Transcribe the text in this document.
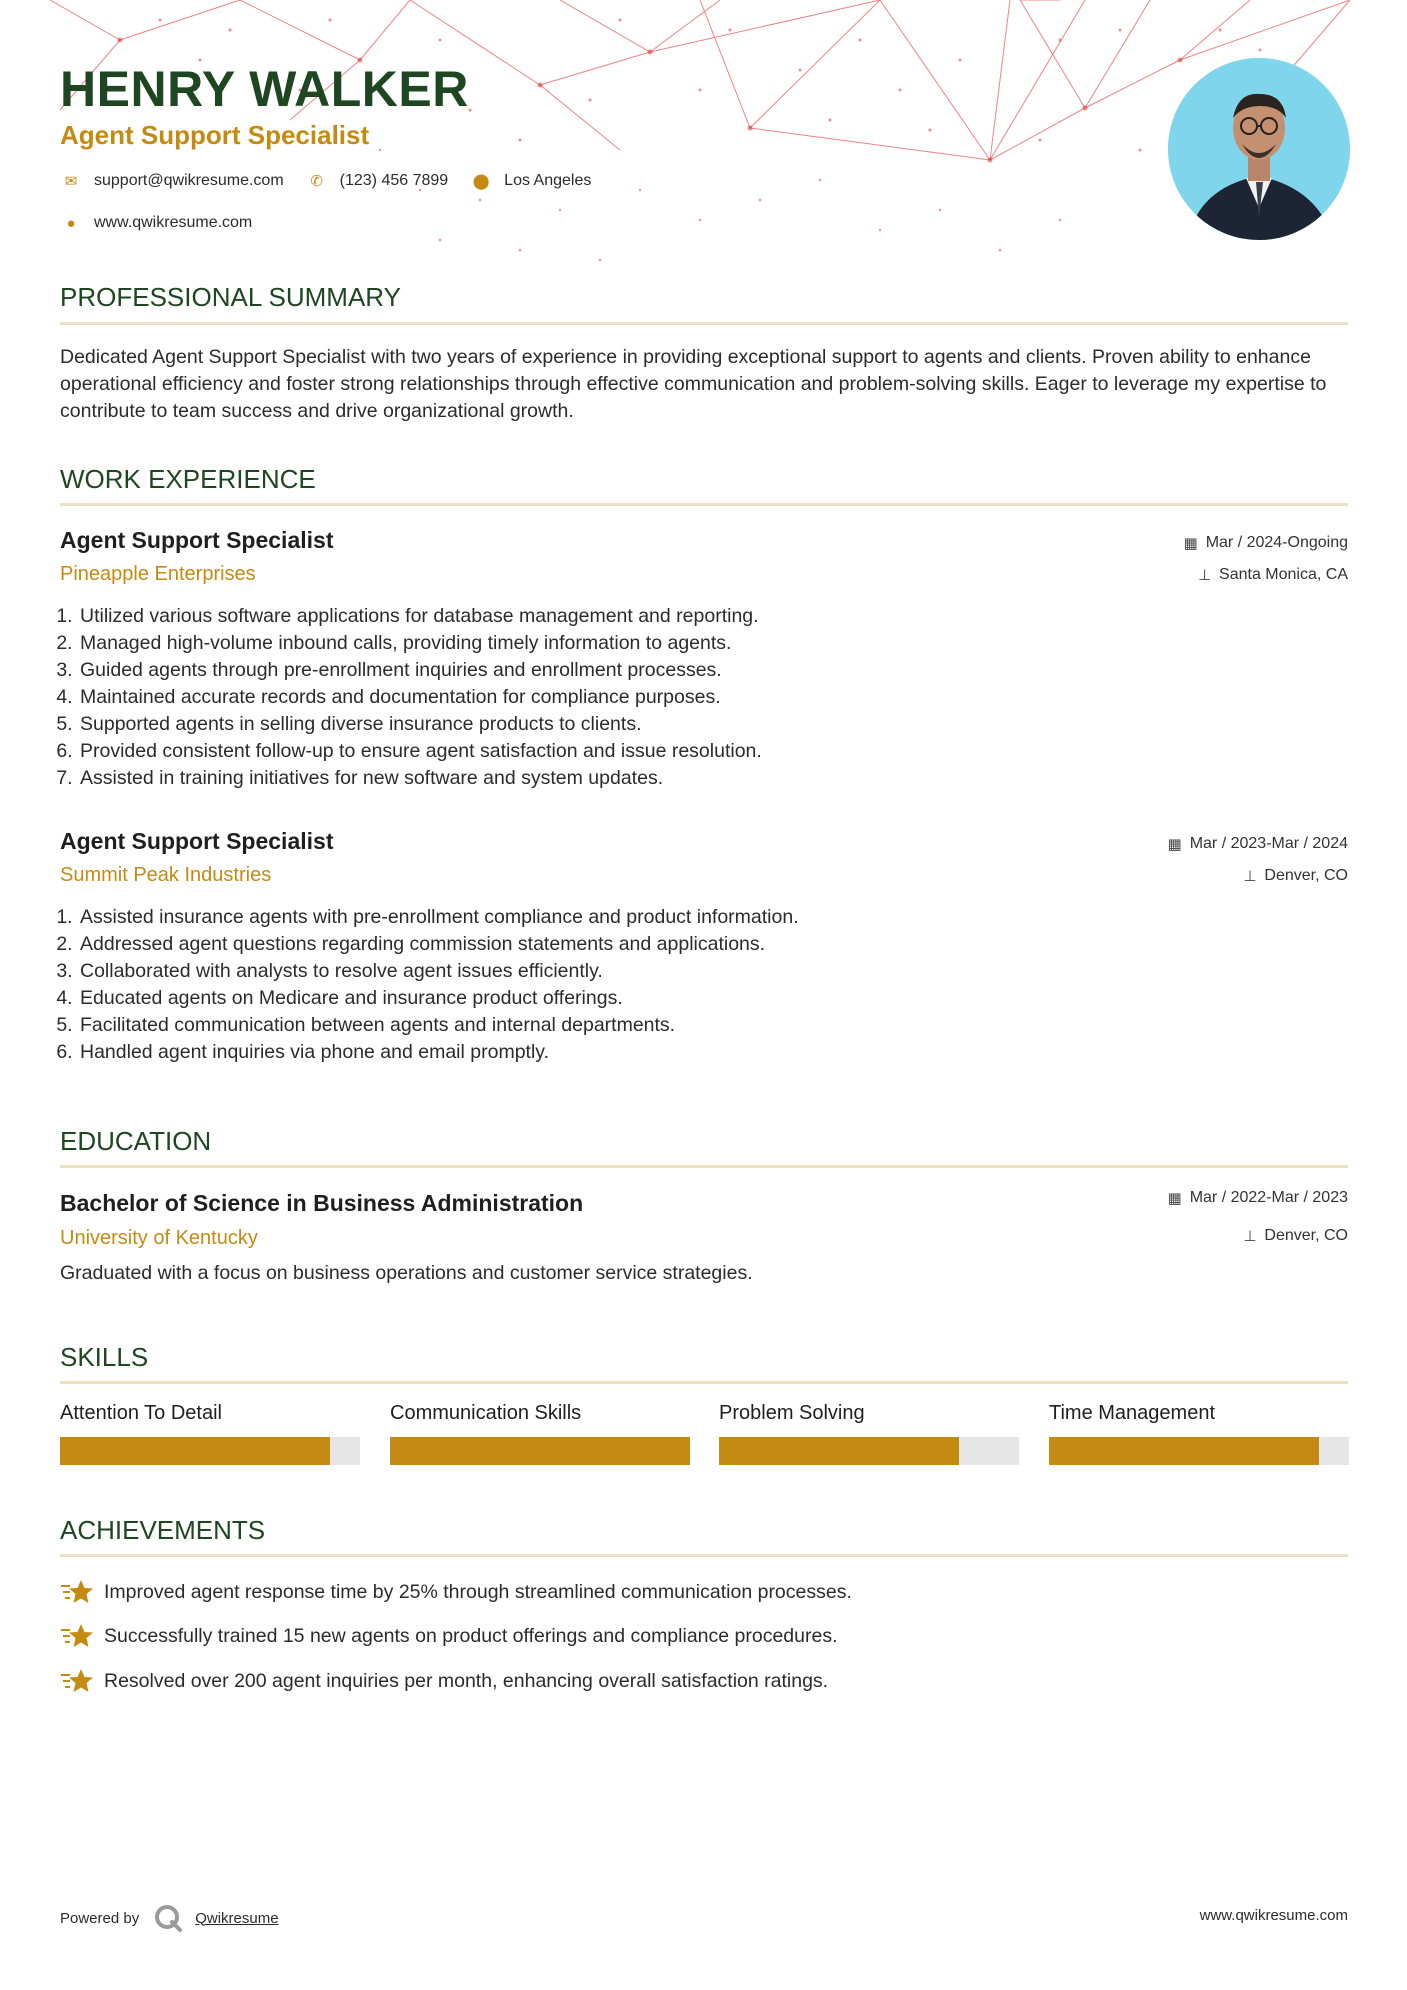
HENRY WALKER
Agent Support Specialist
✉ support@qwikresume.com	✆ (123) 456 7899 ⬤ Los Angeles
●	www.qwikresume.com
PROFESSIONAL SUMMARY

Dedicated Agent Support Specialist with two years of experience in providing exceptional support to agents and clients. Proven ability to enhance operational efficiency and foster strong relationships through effective communication and problem-solving skills. Eager to leverage my expertise to contribute to team success and drive organizational growth.

WORK EXPERIENCE
Agent Support Specialist

Pineapple Enterprises

▦ Mar / 2024-Ongoing
⊥ Santa Monica, CA
1. Utilized various software applications for database management and reporting.
2. Managed high-volume inbound calls, providing timely information to agents.
3. Guided agents through pre-enrollment inquiries and enrollment processes.
4. Maintained accurate records and documentation for compliance purposes.
5. Supported agents in selling diverse insurance products to clients.
6. Provided consistent follow-up to ensure agent satisfaction and issue resolution.
7. Assisted in training initiatives for new software and system updates.
Agent Support Specialist

Summit Peak Industries

▦ Mar / 2023-Mar / 2024
⊥ Denver, CO
1. Assisted insurance agents with pre-enrollment compliance and product information.
2. Addressed agent questions regarding commission statements and applications.
3. Collaborated with analysts to resolve agent issues efficiently.
4. Educated agents on Medicare and insurance product offerings.
5. Facilitated communication between agents and internal departments.
6. Handled agent inquiries via phone and email promptly.
EDUCATION
Bachelor of Science in Business Administration

University of Kentucky

▦ Mar / 2022-Mar / 2023
⊥ Denver, CO

Graduated with a focus on business operations and customer service strategies.

SKILLS
Attention To Detail	Communication Skills	Problem Solving	Time Management
ACHIEVEMENTS
Improved agent response time by 25% through streamlined communication processes.
Successfully trained 15 new agents on product offerings and compliance procedures.
Resolved over 200 agent inquiries per month, enhancing overall satisfaction ratings.
Powered by	Qwikresume	www.qwikresume.com
